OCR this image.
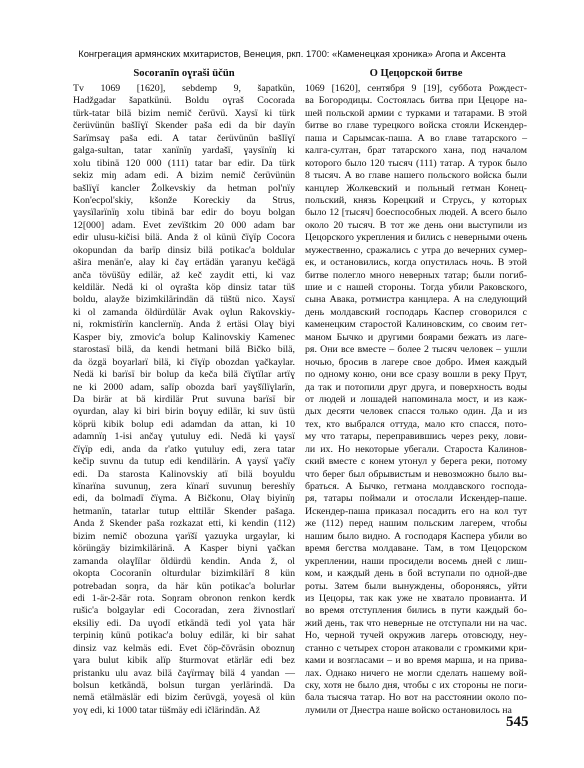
Конгрегация армянских мхитаристов, Венеция, ркп. 1700: «Каменецкая хроника» Агопа и Аксента
Socoranïn oɣraši üčün
Tv 1069 [1620], sebdemp 9, šapatkün,
Hadžgadar šapatkünü. Boldu oɣraš Cocorada
türk-tatar bilä bizim nemič čerüvü. Xaysï ki türk
čerüvünün bašlïɣï Skender paša edi da bir dayïn
Sarïmsaɣ paša edi. A tatar čerüvünün bašlïɣï
galga-sultan, tatar xanïnïŋ yardašï, ɣaysïnïŋ ki
xolu tibinä 120 000 (111) tatar bar edir. Da türk
sekiz miŋ adam edi. A bizim nemič čerüvünün
bašlïɣï kancler Žolkevskiy da hetman pol'nïy
Kon'ecpol'skiy, kšonže Koreckiy da Strus,
ɣaysïlarïnïŋ xolu tibinä bar edir do boyu bolgan
12[000] adam. Evet zevïštkim 20 000 adam bar
edir ulusu-kičisi bilä. Anda ž ol künü čïɣïp Cocora
okopundan da barïp dinsiz bilä potikac'a boldular
ašira menän'e, alay ki čaɣ ertädän ɣaranyu kečägä
anča tövüšüy edilär, až keč zaydit etti, ki vaz
keldilär. Nedä ki ol oɣrašta köp dinsiz tatar tüš
boldu, alayže bizimkilärindän dä tüštü nico. Xaysï
ki ol zamanda öldürdülär Avak oɣlun Rakovskiy-
ni, rokmistïrïn kanclernïŋ. Anda ž ertäsi Olaɣ biyi
Kasper biy, zmovic'a bolup Kalinovskiy Kamenec
starostasï bilä, da kendi hetmani bilä Bičko bilä,
da özgä boyarlarï bilä, ki čïɣïp obozdan ɣačkaylar.
Nedä ki barïsï bir bolup da keča bilä čïɣtïlar artïɣ
ne ki 2000 adam, salïp obozda barï yaɣšïlïɣlarïn,
Da birär at bä kirdilär Prut suvuna barïsï bir
oɣurdan, alay ki biri birin boɣuy edilär, ki suv üstü
köprü kibik bolup edi adamdan da attan, ki 10
adamnïŋ 1-isi ančaɣ ɣutuluy edi. Nedä ki ɣaysï
čïɣïp edi, anda da r'atko ɣutuluy edi, zera tatar
kečip suvnu da tutup edi kendilärin. A ɣaysï ɣačïy
edi. Da starosta Kalinovskiy atï bilä boyuldu
kïnarïna suvunuŋ, zera kïnarï suvunuŋ bereshïy
edi, da bolmadï čïɣma. A Bičkonu, Olaɣ biyinïŋ
hetmanïn, tatarlar tutup elttilär Skender pašaga.
Anda ž Skender paša rozkazat etti, ki kendin (112)
bizim nemič obozuna ɣarïšï ɣazuyka urgaylar, ki
körüngäy bizimkilärinä. A Kasper biyni ɣačkan
zamanda olaɣlïlar öldürdü kendin. Anda ž, ol
okopta Cocoranïn olturdular bizimkilärï 8 kün
potrebadan soŋra, da här kün potikac'a bolurlar
edi 1-är-2-šär rota. Soŋram obronon renkon kerdk
rušic'a bolgaylar edi Cocoradan, zera živnostlarï
eksiliy edi. Da uɣodï etkändä tedi yol ɣata här
terpiniŋ künü potikac'a boluy edilär, ki bir sahat
dinsiz vaz kelmäs edi. Evet čöp-čövräsin oboznuŋ
ɣara bulut kibik alïp šturmovat etärlär edi bez
pristanku ulu avaz bilä čaɣïrmaɣ bilä 4 yandan —
bolsun ketkändä, bolsun turgan yerlärindä. Da
nemä etälmäslär edi bizim čerüvgä, yoɣesä ol kün
yoɣ edi, ki 1000 tatar tüšmäy edi ičlärindän. Až
О Цецорской битве
1069 [1620], сентября 9 [19], суббота Рождест-
ва Богородицы. Состоялась битва при Цецоре на-
шей польской армии с турками и татарами. В этой
битве во главе турецкого войска стояли Искендер-
паша и Сарымсак-паша. А во главе татарского –
калга-султан, брат татарского хана, под началом
которого было 120 тысяч (111) татар. А турок было
8 тысяч. А во главе нашего польского войска были
канцлер Жолкевский и польный гетман Конец-
польский, князь Корецкий и Струсь, у которых
было 12 [тысяч] боеспособных людей. А всего было
около 20 тысяч. В тот же день они выступили из
Цецорского укрепления и бились с неверными очень
мужественно, сражались с утра до вечерних сумер-
ек, и остановились, когда опустилась ночь. В этой
битве полегло много неверных татар; были погиб-
шие и с нашей стороны. Тогда убили Раковского,
сына Авака, ротмистра канцлера. А на следующий
день молдавский господарь Каспер сговорился с
каменецким старостой Калиновским, со своим гет-
маном Бычко и другими боярами бежать из лаге-
ря. Они все вместе – более 2 тысяч человек – ушли
ночью, бросив в лагере свое добро. Имея каждый
по одному коню, они все сразу вошли в реку Прут,
да так и потопили друг друга, и поверхность воды
от людей и лошадей напоминала мост, и из каж-
дых десяти человек спасся только один. Да и из
тех, кто выбрался оттуда, мало кто спасся, пото-
му что татары, переправившись через реку, лови-
ли их. Но некоторые убегали. Староста Калинов-
ский вместе с конем утонул у берега реки, потому
что берег был обрывистым и невозможно было вы-
браться. А Бычко, гетмана молдавского господа-
ря, татары поймали и отослали Искендер-паше.
Искендер-паша приказал посадить его на кол тут
же (112) перед нашим польским лагерем, чтобы
нашим было видно. А господаря Каспера убили во
время бегства молдаване. Там, в том Цецорском
укреплении, наши просидели восемь дней с лиш-
ком, и каждый день в бой вступали по одной-две
роты. Затем были вынуждены, обороняясь, уйти
из Цецоры, так как уже не хватало провианта. И
во время отступления бились в пути каждый бо-
жий день, так что неверные не отступали ни на час.
Но, черной тучей окружив лагерь отовсюду, неу-
станно с четырех сторон атаковали с громкими кри-
ками и возгласами – и во время марша, и на прива-
лах. Однако ничего не могли сделать нашему вой-
ску, хотя не было дня, чтобы с их стороны не поги-
бала тысяча татар. Но вот на расстоянии около по-
лумили от Днестра наше войско остановилось на
545
